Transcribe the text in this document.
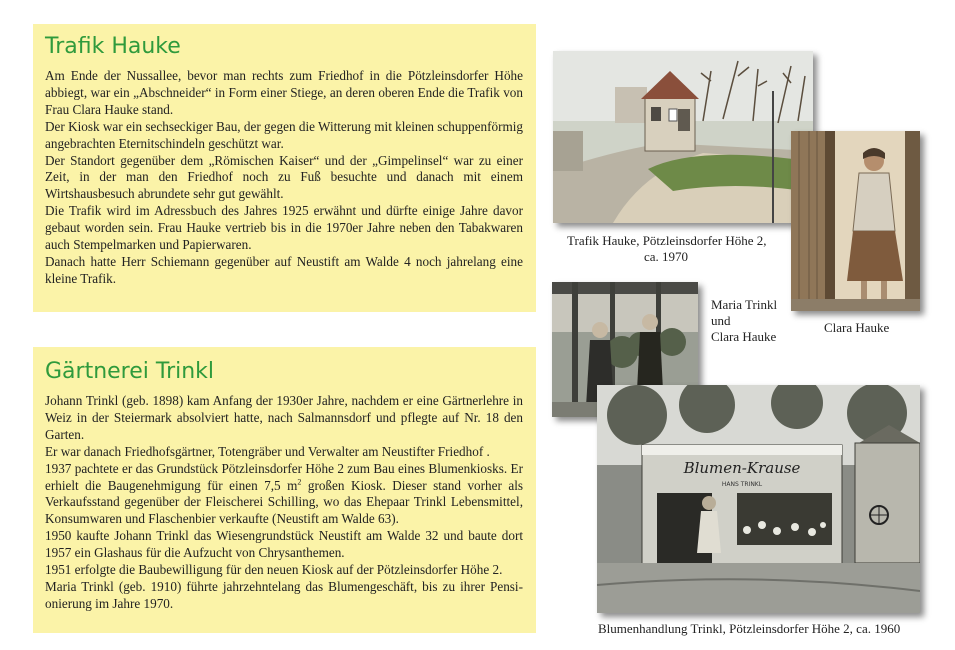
Trafik Hauke

Am Ende der Nussallee, bevor man rechts zum Friedhof in die Pötzleinsdorfer Höhe abbiegt, war ein „Abschneider“ in Form einer Stiege, an deren oberen Ende die Trafik von Frau Clara Hauke stand.

Der Kiosk war ein sechseckiger Bau, der gegen die Witterung mit kleinen schuppenförmig angebrachten Eternitschindeln geschützt war.

Der Standort gegenüber dem „Römischen Kaiser“ und der „Gimpelinsel“ war zu einer Zeit, in der man den Friedhof noch zu Fuß besuchte und danach mit einem Wirtshausbesuch abrundete sehr gut gewählt.

Die Trafik wird im Adressbuch des Jahres 1925 erwähnt und dürfte einige Jahre davor gebaut worden sein. Frau Hauke vertrieb bis in die 1970er Jahre neben den Tabakwaren auch Stempelmarken und Papierwaren.

Danach hatte Herr Schiemann gegenüber auf Neustift am Walde 4 noch jahrelang eine kleine Trafik.

Gärtnerei Trinkl

Johann Trinkl (geb. 1898) kam Anfang der 1930er Jahre, nachdem er eine Gärtnerlehre in Weiz in der Steiermark absolviert hatte, nach Salmannsdorf und pflegte auf Nr. 18 den Garten.

Er war danach Friedhofsgärtner, Totengräber und Verwalter am Neustifter Friedhof .

1937 pachtete er das Grundstück Pötzleinsdorfer Höhe 2 zum Bau eines Blumenkiosks. Er erhielt die Baugenehmigung für einen 7,5 $m^2$ großen Kiosk. Dieser stand vorher als Verkaufsstand gegenüber der Fleischerei Schilling, wo das Ehepaar Trinkl Lebensmittel, Konsumwaren und Flaschenbier verkaufte (Neustift am Walde 63).

1950 kaufte Johann Trinkl das Wiesengrundstück Neustift am Walde 32 und baute dort 1957 ein Glashaus für die Aufzucht von Chrysanthemen.

1951 erfolgte die Baubewilligung für den neuen Kiosk auf der Pötzleinsdorfer Höhe 2.

Maria Trinkl (geb. 1910) führte jahrzehntelang das Blumengeschäft, bis zu ihrer Pensionierung im Jahre 1970.

Trafik Hauke, Pötzleinsdorfer Höhe 2,
ca. 1970
Clara Hauke
Maria Trinkl
und
Clara Hauke
Blumen-Krause
HANS TRINKL
Blumenhandlung Trinkl, Pötzleinsdorfer Höhe 2, ca. 1960
